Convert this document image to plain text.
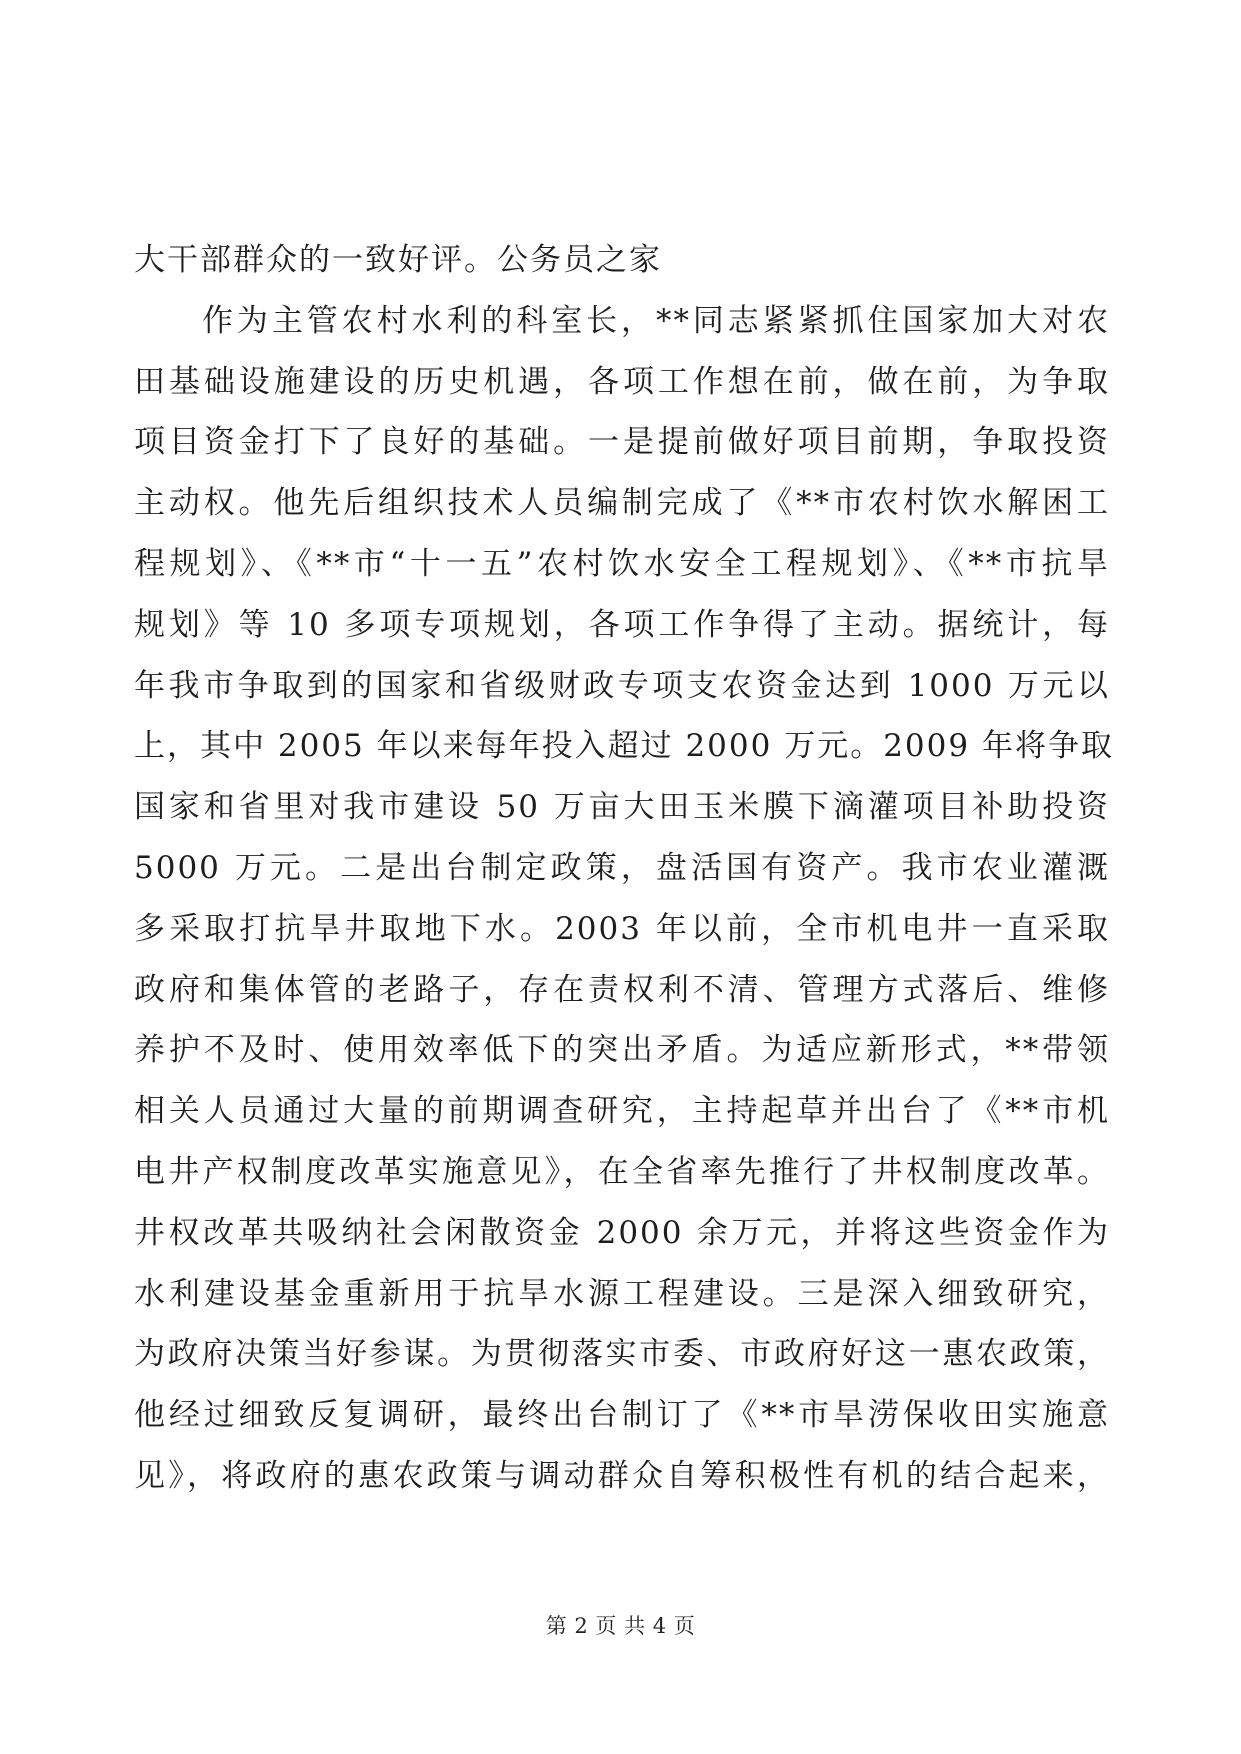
大干部群众的一致好评。公务员之家
作为主管农村水利的科室长，**同志紧紧抓住国家加大对农
田基础设施建设的历史机遇，各项工作想在前，做在前，为争取
项目资金打下了良好的基础。一是提前做好项目前期，争取投资
主动权。他先后组织技术人员编制完成了《**市农村饮水解困工
程规划》、《**市“十一五”农村饮水安全工程规划》、《**市抗旱
规划》等 10 多项专项规划，各项工作争得了主动。据统计，每
年我市争取到的国家和省级财政专项支农资金达到 1000 万元以
上，其中 2005 年以来每年投入超过 2000 万元。2009 年将争取
国家和省里对我市建设 50 万亩大田玉米膜下滴灌项目补助投资
5000 万元。二是出台制定政策，盘活国有资产。我市农业灌溉
多采取打抗旱井取地下水。2003 年以前，全市机电井一直采取
政府和集体管的老路子，存在责权利不清、管理方式落后、维修
养护不及时、使用效率低下的突出矛盾。为适应新形式，**带领
相关人员通过大量的前期调查研究，主持起草并出台了《**市机
电井产权制度改革实施意见》，在全省率先推行了井权制度改革。
井权改革共吸纳社会闲散资金 2000 余万元，并将这些资金作为
水利建设基金重新用于抗旱水源工程建设。三是深入细致研究，
为政府决策当好参谋。为贯彻落实市委、市政府好这一惠农政策，
他经过细致反复调研，最终出台制订了《**市旱涝保收田实施意
见》，将政府的惠农政策与调动群众自筹积极性有机的结合起来，
第 2 页 共 4 页
